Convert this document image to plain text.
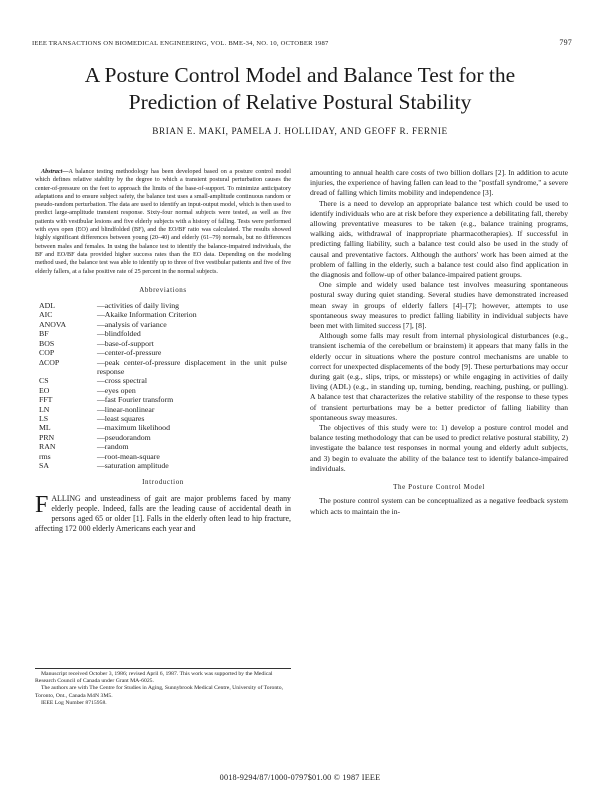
IEEE TRANSACTIONS ON BIOMEDICAL ENGINEERING, VOL. BME-34, NO. 10, OCTOBER 1987	797
A Posture Control Model and Balance Test for the
Prediction of Relative Postural Stability
BRIAN E. MAKI, PAMELA J. HOLLIDAY, AND GEOFF R. FERNIE

Abstract—A balance testing methodology has been developed based on a posture control model which defines relative stability by the degree to which a transient postural perturbation causes the center-of-pressure on the feet to approach the limits of the base-of-support. To minimize anticipatory adaptations and to ensure subject safety, the balance test uses a small-amplitude continuous random or pseudo-random perturbation. The data are used to identify an input-output model, which is then used to predict large-amplitude transient response. Sixty-four normal subjects were tested, as well as five patients with vestibular lesions and five elderly subjects with a history of falling. Tests were performed with eyes open (EO) and blindfolded (BF), and the EO/BF ratio was calculated. The results showed highly significant differences between young (20–40) and elderly (61–79) normals, but no differences between males and females. In using the balance test to identify the balance-impaired individuals, the BF and EO/BF data provided higher success rates than the EO data. Depending on the modeling method used, the balance test was able to identify up to three of five vestibular patients and five of five elderly fallers, at a false positive rate of 25 percent in the normal subjects.

Abbreviations
ADL	—activities of daily living
AIC	—Akaike Information Criterion
ANOVA	—analysis of variance
BF	—blindfolded
BOS	—base-of-support
COP	—center-of-pressure
ΔCOP	—peak center-of-pressure displacement in the unit pulse response
CS	—cross spectral
EO	—eyes open
FFT	—fast Fourier transform
LN	—linear-nonlinear
LS	—least squares
ML	—maximum likelihood
PRN	—pseudorandom
RAN	—random
rms	—root-mean-square
SA	—saturation amplitude
Introduction

FALLING and unsteadiness of gait are major problems faced by many elderly people. Indeed, falls are the leading cause of accidental death in persons aged 65 or older [1]. Falls in the elderly often lead to hip fracture, affecting 172 000 elderly Americans each year and

Manuscript received October 3, 1986; revised April 6, 1987. This work was supported by the Medical Research Council of Canada under Grant MA-6025.

The authors are with The Centre for Studies in Aging, Sunnybrook Medical Centre, University of Toronto, Toronto, Ont., Canada M4N 3M5.

IEEE Log Number 8715958.

amounting to annual health care costs of two billion dollars [2]. In addition to acute injuries, the experience of having fallen can lead to the "postfall syndrome," a severe dread of falling which limits mobility and independence [3].

There is a need to develop an appropriate balance test which could be used to identify individuals who are at risk before they experience a debilitating fall, thereby allowing preventative measures to be taken (e.g., balance training programs, walking aids, withdrawal of inappropriate pharmacotherapies). If successful in predicting falling liability, such a balance test could also be used in the study of causal and preventative factors. Although the authors' work has been aimed at the problem of falling in the elderly, such a balance test could also find application in the diagnosis and follow-up of other balance-impaired patient groups.

One simple and widely used balance test involves measuring spontaneous postural sway during quiet standing. Several studies have demonstrated increased mean sway in groups of elderly fallers [4]–[7]; however, attempts to use spontaneous sway measures to predict falling liability in individual subjects have been met with limited success [7], [8].

Although some falls may result from internal physiological disturbances (e.g., transient ischemia of the cerebellum or brainstem) it appears that many falls in the elderly occur in situations where the posture control mechanisms are unable to correct for unexpected displacements of the body [9]. These perturbations may occur during gait (e.g., slips, trips, or missteps) or while engaging in activities of daily living (ADL) (e.g., in standing up, turning, bending, reaching, pushing, or pulling). A balance test that characterizes the relative stability of the response to these types of transient perturbations may be a better predictor of falling liability than spontaneous sway measures.

The objectives of this study were to: 1) develop a posture control model and balance testing methodology that can be used to predict relative postural stability, 2) investigate the balance test responses in normal young and elderly adult subjects, and 3) begin to evaluate the ability of the balance test to identify balance-impaired individuals.

The Posture Control Model

The posture control system can be conceptualized as a negative feedback system which acts to maintain the in-

0018-9294/87/1000-0797$01.00 © 1987 IEEE
